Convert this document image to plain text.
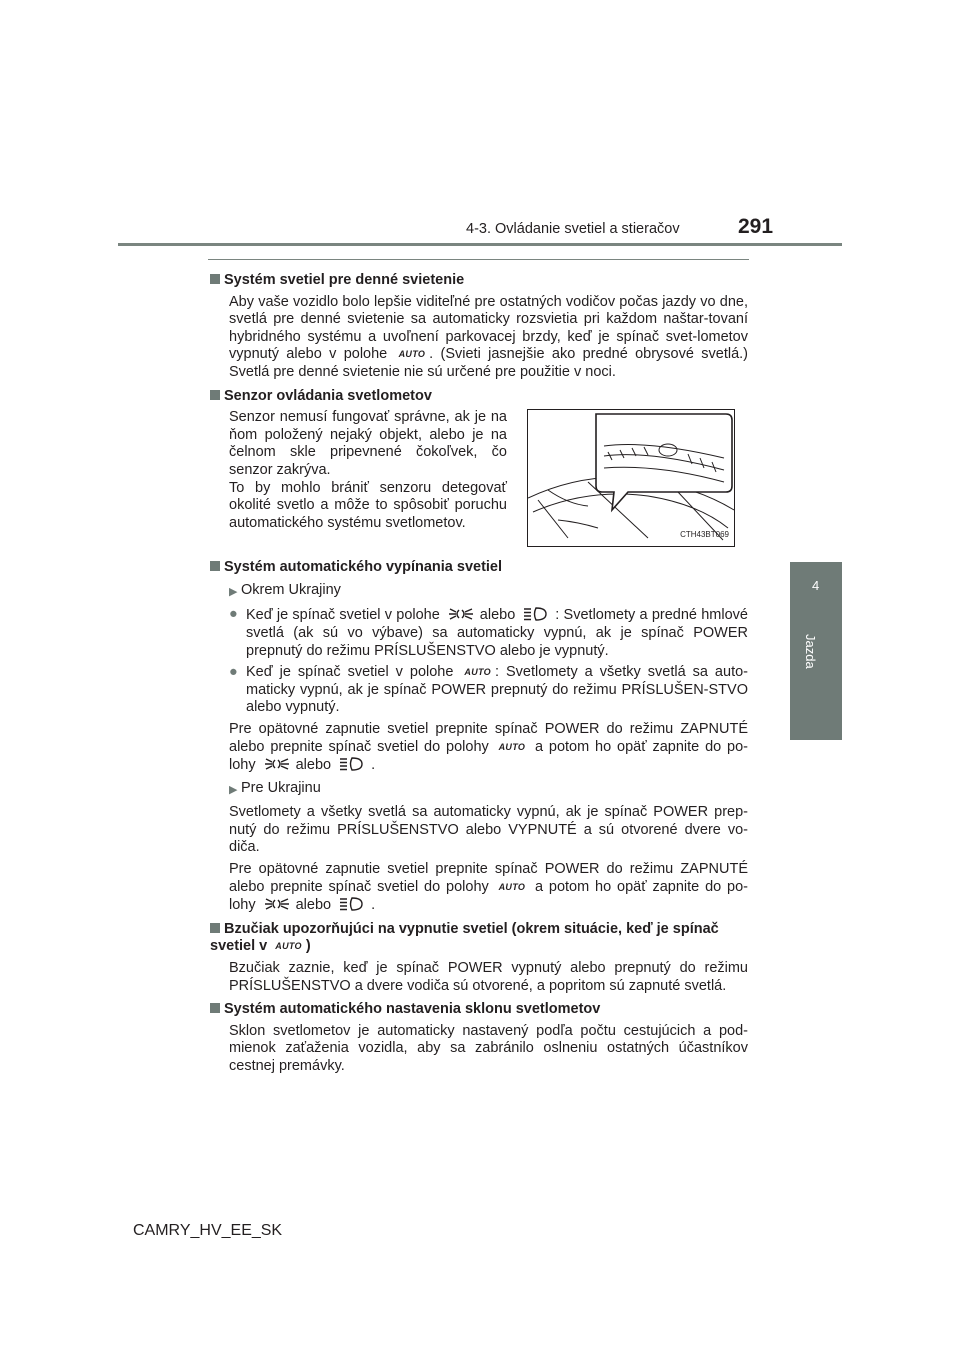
4-3. Ovládanie svetiel a stieračov	291
4
Jazda
Systém svetiel pre denné svietenie

Aby vaše vozidlo bolo lepšie viditeľné pre ostatných vodičov počas jazdy vo dne, svetlá pre denné svietenie sa automaticky rozsvietia pri každom naštar-tovaní hybridného systému a uvoľnení parkovacej brzdy, keď je spínač svet-lometov vypnutý alebo v polohe AUTO . (Svieti jasnejšie ako predné obrysové svetlá.) Svetlá pre denné svietenie nie sú určené pre použitie v noci.

Senzor ovládania svetlometov
Senzor nemusí fungovať správne, ak je na ňom položený nejaký objekt, alebo je na čelnom skle pripevnené čokoľvek, čo senzor zakrýva.
To by mohlo brániť senzoru detegovať okolité svetlo a môže to spôsobiť poruchu automatického systému svetlometov.
CTH43BT069
Systém automatického vypínania svetiel
▶ Okrem Ukrajiny
● Keď je spínač svetiel v polohe	alebo	: Svetlomety a predné hmlové svetlá (ak sú vo výbave) sa automaticky vypnú, ak je spínač POWER prepnutý do režimu PRÍSLUŠENSTVO alebo je vypnutý.
● Keď je spínač svetiel v polohe AUTO : Svetlomety a všetky svetlá sa auto-maticky vypnú, ak je spínač POWER prepnutý do režimu PRÍSLUŠEN-STVO alebo vypnutý.

Pre opätovné zapnutie svetiel prepnite spínač POWER do režimu ZAPNUTÉ alebo prepnite spínač svetiel do polohy AUTO a potom ho opäť zapnite do po-lohy	alebo	.

▶ Pre Ukrajinu

Svetlomety a všetky svetlá sa automaticky vypnú, ak je spínač POWER prep-nutý do režimu PRÍSLUŠENSTVO alebo VYPNUTÉ a sú otvorené dvere vo-diča.

Pre opätovné zapnutie svetiel prepnite spínač POWER do režimu ZAPNUTÉ alebo prepnite spínač svetiel do polohy AUTO a potom ho opäť zapnite do po-lohy	alebo	.

Bzučiak upozorňujúci na vypnutie svetiel (okrem situácie, keď je spínač svetiel v AUTO )

Bzučiak zaznie, keď je spínač POWER vypnutý alebo prepnutý do režimu PRÍSLUŠENSTVO a dvere vodiča sú otvorené, a popritom sú zapnuté svetlá.

Systém automatického nastavenia sklonu svetlometov

Sklon svetlometov je automaticky nastavený podľa počtu cestujúcich a pod-mienok zaťaženia vozidla, aby sa zabránilo oslneniu ostatných účastníkov cestnej premávky.

CAMRY_HV_EE_SK
